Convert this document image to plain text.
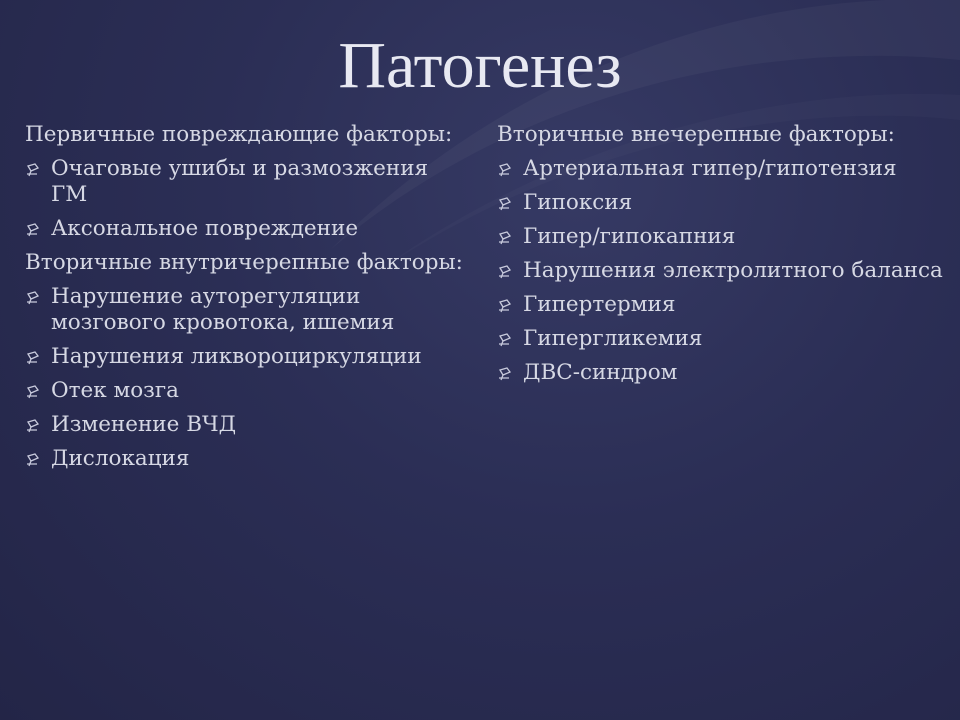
Патогенез
Первичные повреждающие факторы:
Очаговые ушибы и размозжения ГМ
Аксональное повреждение
Вторичные внутричерепные факторы:
Нарушение ауторегуляции мозгового кровотока, ишемия
Нарушения ликвороциркуляции
Отек мозга
Изменение ВЧД
Дислокация
Вторичные внечерепные факторы:
Артериальная гипер/гипотензия
Гипоксия
Гипер/гипокапния
Нарушения электролитного баланса
Гипертермия
Гипергликемия
ДВС-синдром
